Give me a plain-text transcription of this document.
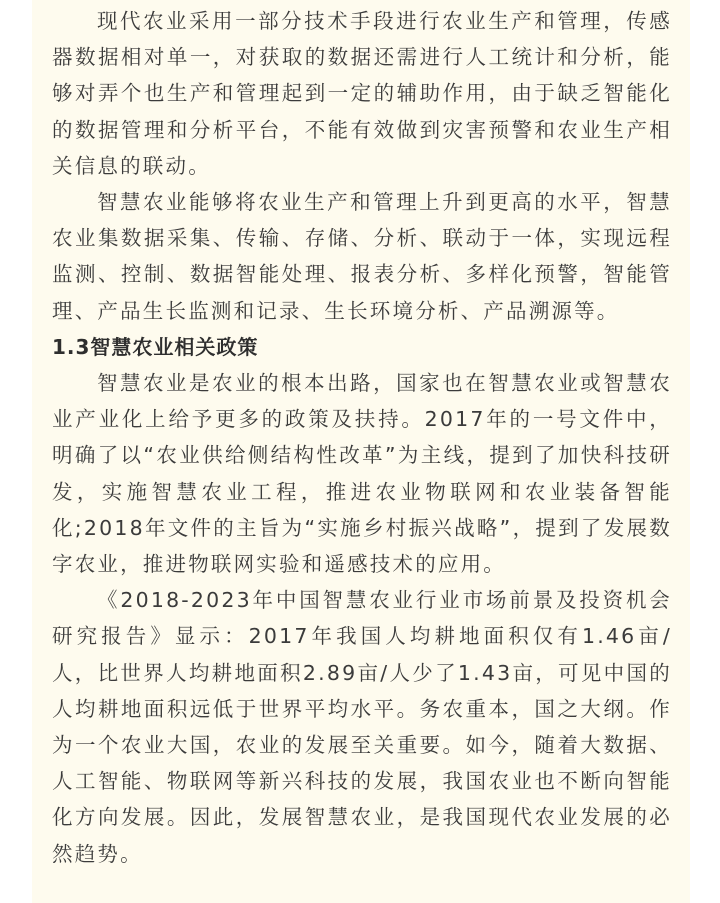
现代农业采用一部分技术手段进行农业生产和管理，传感器数据相对单一，对获取的数据还需进行人工统计和分析，能够对弄个也生产和管理起到一定的辅助作用，由于缺乏智能化的数据管理和分析平台，不能有效做到灾害预警和农业生产相关信息的联动。

智慧农业能够将农业生产和管理上升到更高的水平，智慧农业集数据采集、传输、存储、分析、联动于一体，实现远程监测、控制、数据智能处理、报表分析、多样化预警，智能管理、产品生长监测和记录、生长环境分析、产品溯源等。

1.3智慧农业相关政策

智慧农业是农业的根本出路，国家也在智慧农业或智慧农业产业化上给予更多的政策及扶持。2017年的一号文件中，明确了以“农业供给侧结构性改革”为主线，提到了加快科技研发，实施智慧农业工程，推进农业物联网和农业装备智能化;2018年文件的主旨为“实施乡村振兴战略”，提到了发展数字农业，推进物联网实验和遥感技术的应用。

《2018-2023年中国智慧农业行业市场前景及投资机会研究报告》显示：2017年我国人均耕地面积仅有1.46亩/人，比世界人均耕地面积2.89亩/人少了1.43亩，可见中国的人均耕地面积远低于世界平均水平。务农重本，国之大纲。作为一个农业大国，农业的发展至关重要。如今，随着大数据、人工智能、物联网等新兴科技的发展，我国农业也不断向智能化方向发展。因此，发展智慧农业，是我国现代农业发展的必然趋势。
